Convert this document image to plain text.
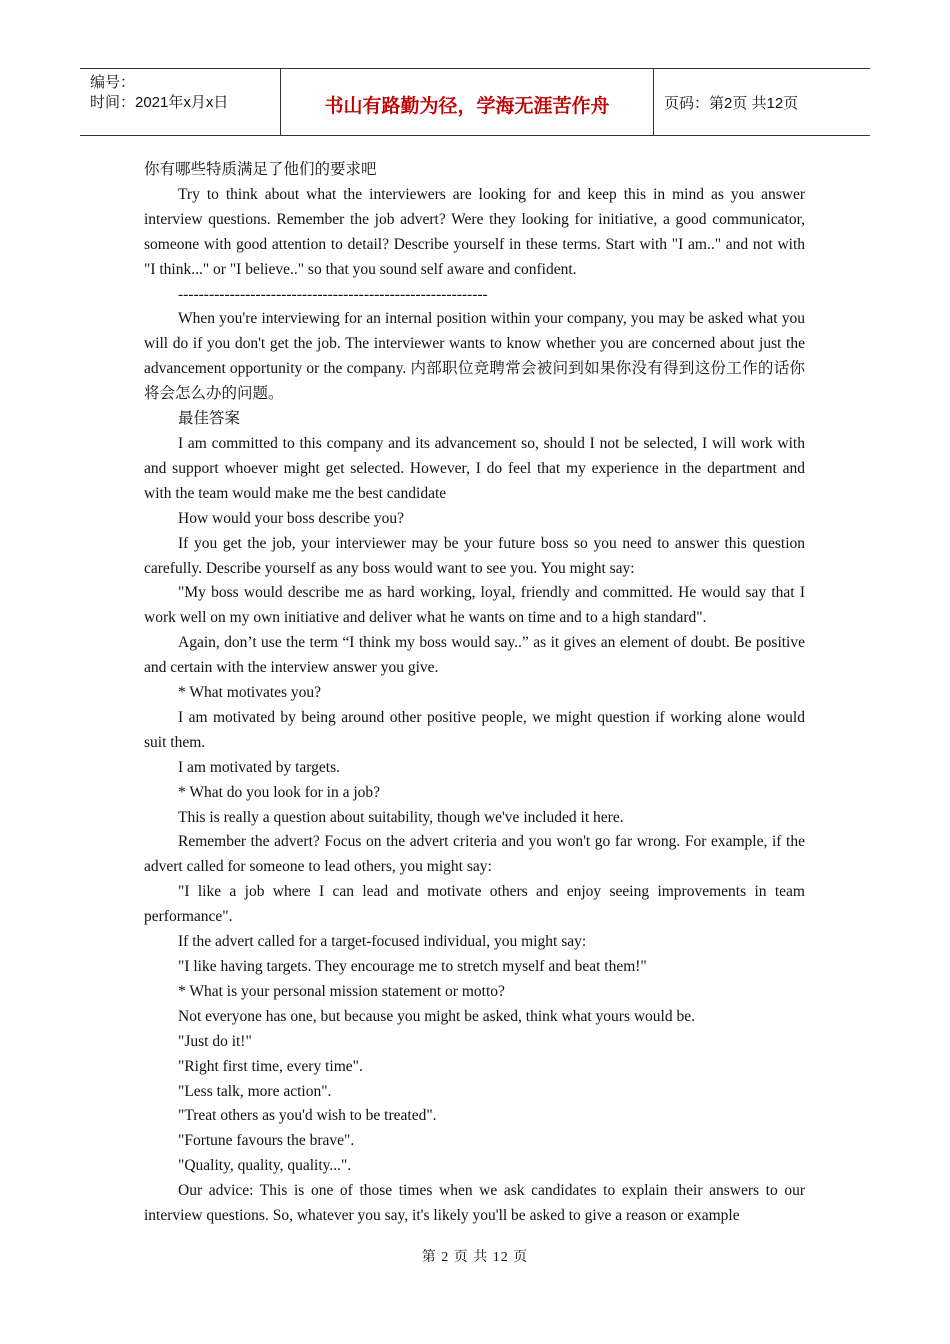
编号：
时间：2021年x月x日	书山有路勤为径，学海无涯苦作舟	页码：第2页 共12页

你有哪些特质满足了他们的要求吧

Try to think about what the interviewers are looking for and keep this in mind as you answer interview questions. Remember the job advert? Were they looking for initiative, a good communicator, someone with good attention to detail? Describe yourself in these terms. Start with "I am.." and not with "I think..." or "I believe.." so that you sound self aware and confident.

------------------------------------------------------------

When you're interviewing for an internal position within your company, you may be asked what you will do if you don't get the job. The interviewer wants to know whether you are concerned about just the advancement opportunity or the company. 内部职位竞聘常会被问到如果你没有得到这份工作的话你将会怎么办的问题。

最佳答案

I am committed to this company and its advancement so, should I not be selected, I will work with and support whoever might get selected. However, I do feel that my experience in the department and with the team would make me the best candidate

How would your boss describe you?

If you get the job, your interviewer may be your future boss so you need to answer this question carefully. Describe yourself as any boss would want to see you. You might say:

"My boss would describe me as hard working, loyal, friendly and committed. He would say that I work well on my own initiative and deliver what he wants on time and to a high standard".

Again, don’t use the term “I think my boss would say..” as it gives an element of doubt. Be positive and certain with the interview answer you give.

* What motivates you?

I am motivated by being around other positive people, we might question if working alone would suit them.

I am motivated by targets.

* What do you look for in a job?

This is really a question about suitability, though we've included it here.

Remember the advert? Focus on the advert criteria and you won't go far wrong. For example, if the advert called for someone to lead others, you might say:

"I like a job where I can lead and motivate others and enjoy seeing improvements in team performance".

If the advert called for a target-focused individual, you might say:

"I like having targets. They encourage me to stretch myself and beat them!"

* What is your personal mission statement or motto?

Not everyone has one, but because you might be asked, think what yours would be.

"Just do it!"

"Right first time, every time".

"Less talk, more action".

"Treat others as you'd wish to be treated".

"Fortune favours the brave".

"Quality, quality, quality...".

Our advice: This is one of those times when we ask candidates to explain their answers to our interview questions. So, whatever you say, it's likely you'll be asked to give a reason or example

第 2 页 共 12 页
